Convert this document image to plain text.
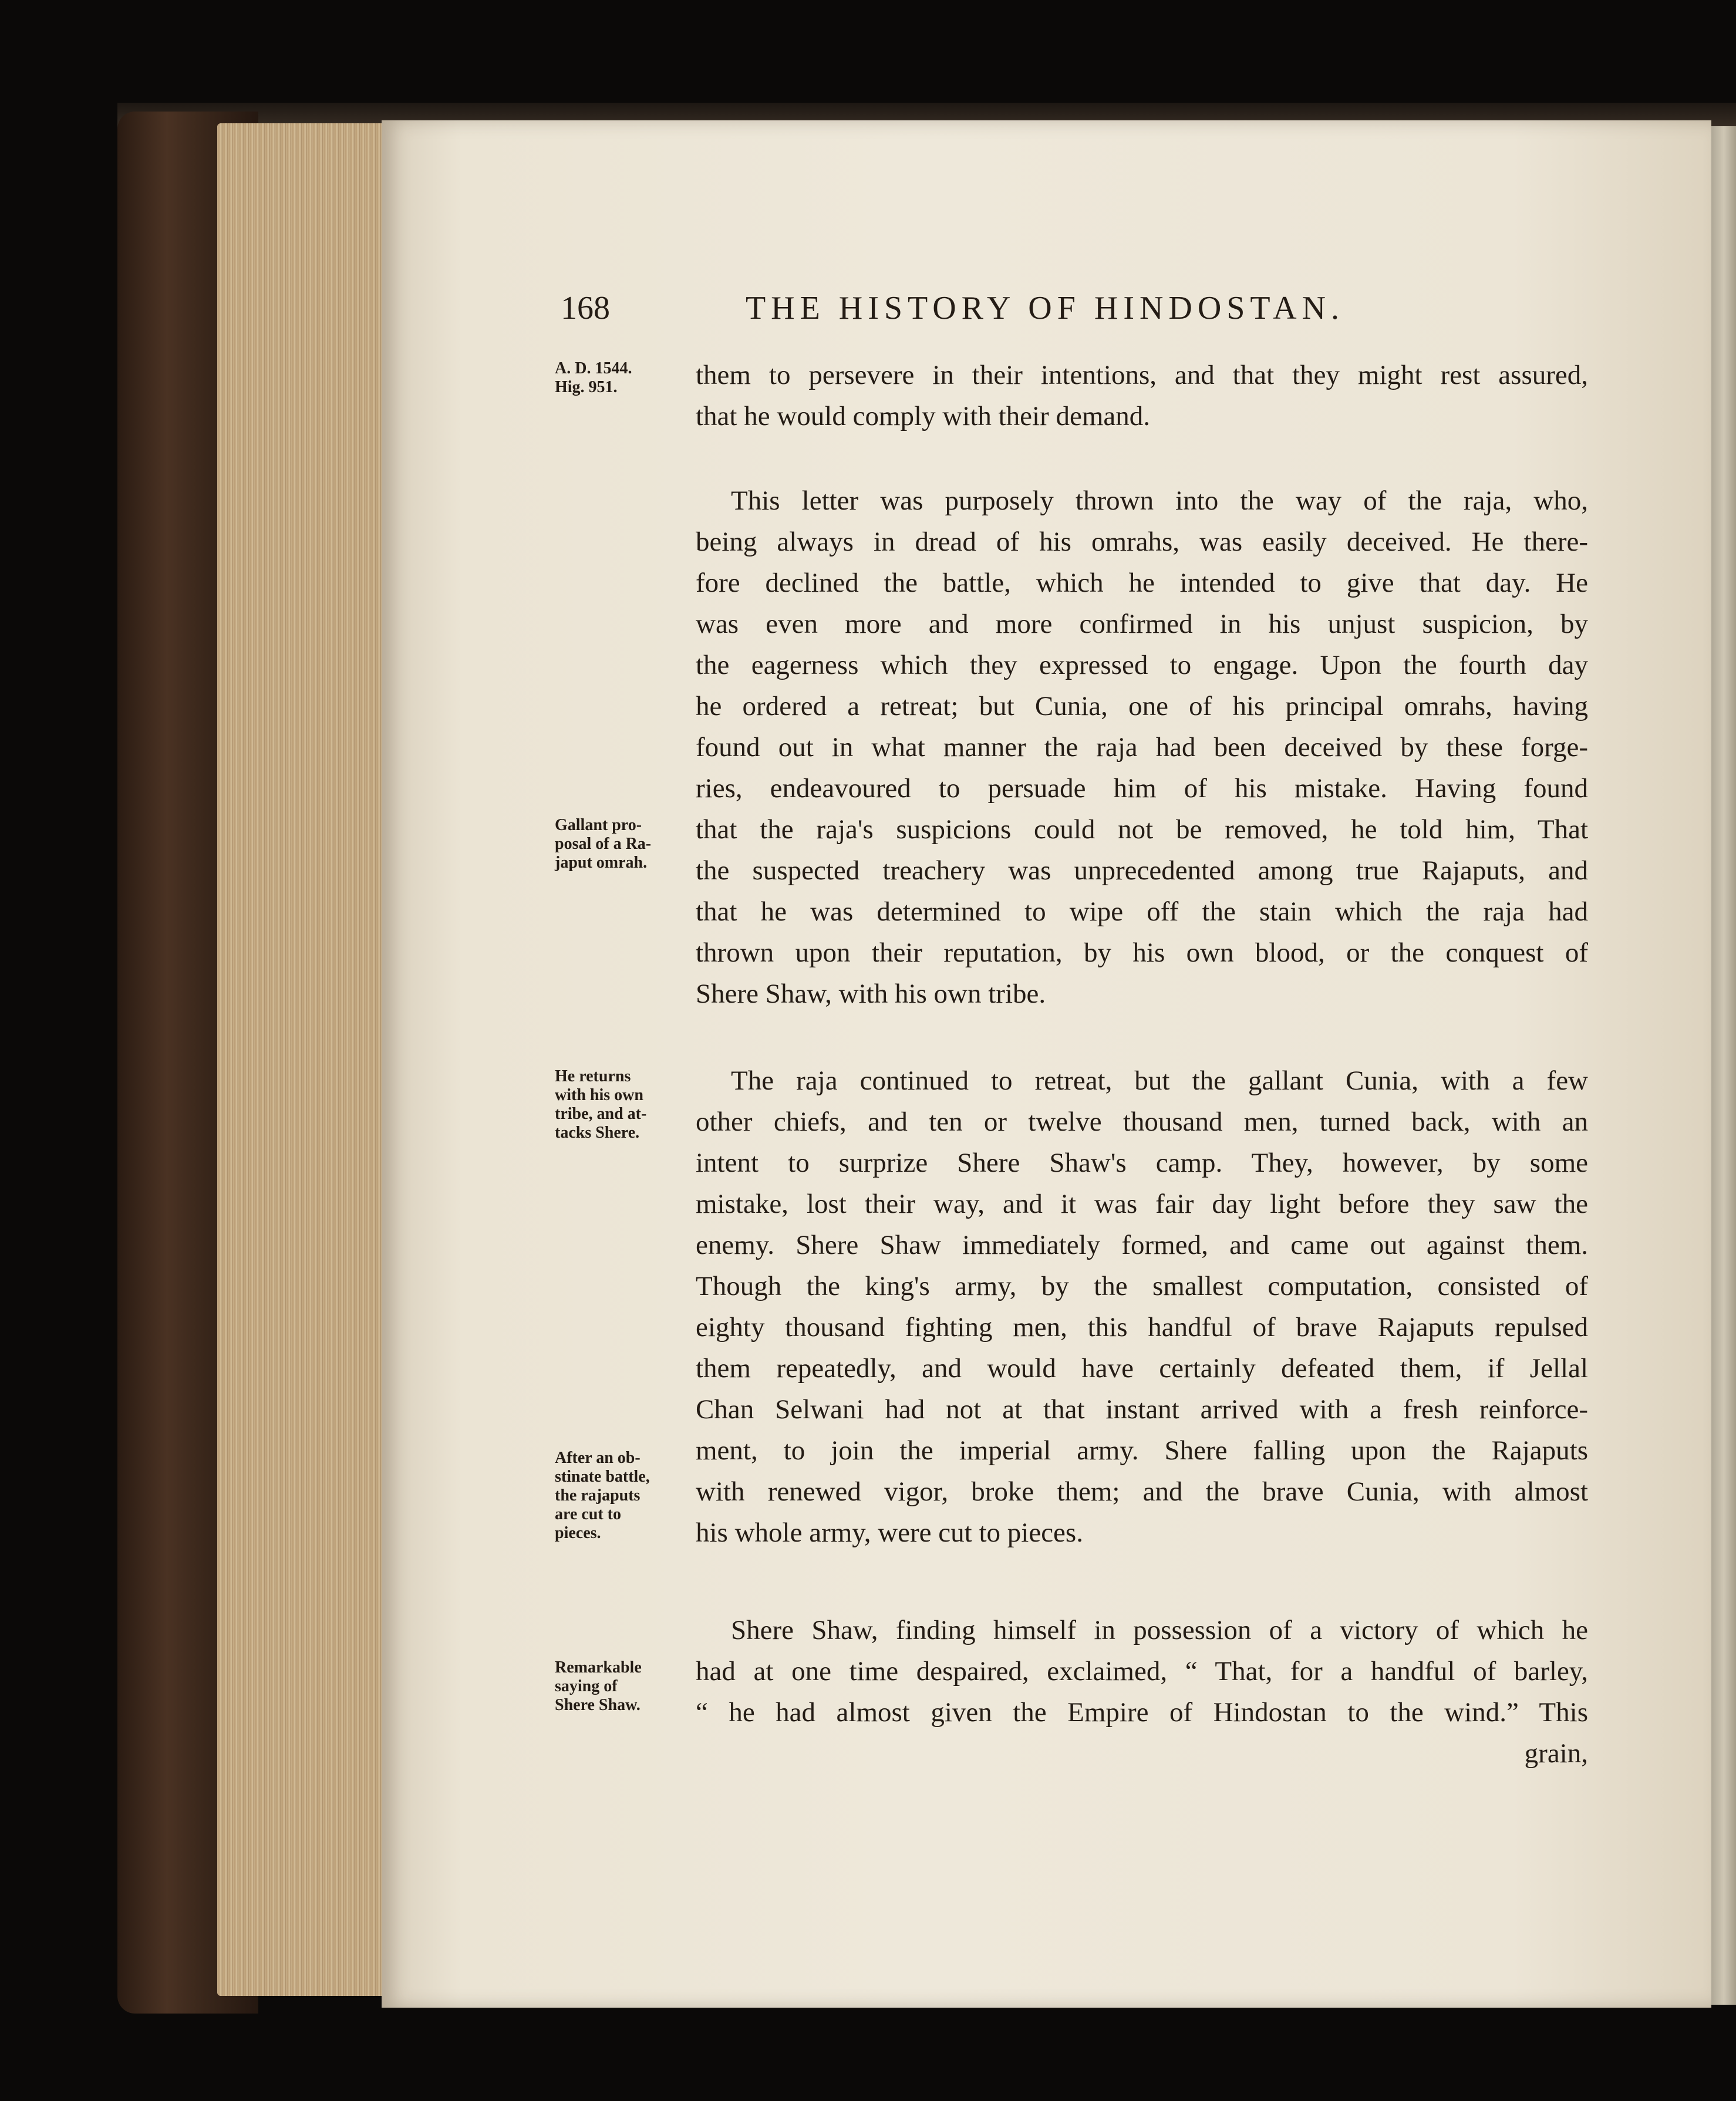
168	THE HISTORY OF HINDOSTAN.
A. D. 1544.
Hig. 951.
Gallant pro-
posal of a Ra-
japut omrah.
He returns
with his own
tribe, and at-
tacks Shere.
After an ob-
stinate battle,
the rajaputs
are cut to
pieces.
Remarkable
saying of
Shere Shaw.
them to persevere in their intentions, and that they might rest assured,
that he would comply with their demand.
This letter was purposely thrown into the way of the raja, who,
being always in dread of his omrahs, was easily deceived. He there-
fore declined the battle, which he intended to give that day. He
was even more and more confirmed in his unjust suspicion, by
the eagerness which they expressed to engage. Upon the fourth day
he ordered a retreat; but Cunia, one of his principal omrahs, having
found out in what manner the raja had been deceived by these forge-
ries, endeavoured to persuade him of his mistake. Having found
that the raja's suspicions could not be removed, he told him, That
the suspected treachery was unprecedented among true Rajaputs, and
that he was determined to wipe off the stain which the raja had
thrown upon their reputation, by his own blood, or the conquest of
Shere Shaw, with his own tribe.
The raja continued to retreat, but the gallant Cunia, with a few
other chiefs, and ten or twelve thousand men, turned back, with an
intent to surprize Shere Shaw's camp. They, however, by some
mistake, lost their way, and it was fair day light before they saw the
enemy. Shere Shaw immediately formed, and came out against them.
Though the king's army, by the smallest computation, consisted of
eighty thousand fighting men, this handful of brave Rajaputs repulsed
them repeatedly, and would have certainly defeated them, if Jellal
Chan Selwani had not at that instant arrived with a fresh reinforce-
ment, to join the imperial army. Shere falling upon the Rajaputs
with renewed vigor, broke them; and the brave Cunia, with almost
his whole army, were cut to pieces.
Shere Shaw, finding himself in possession of a victory of which he
had at one time despaired, exclaimed, “ That, for a handful of barley,
“ he had almost given the Empire of Hindostan to the wind.” This
grain,
